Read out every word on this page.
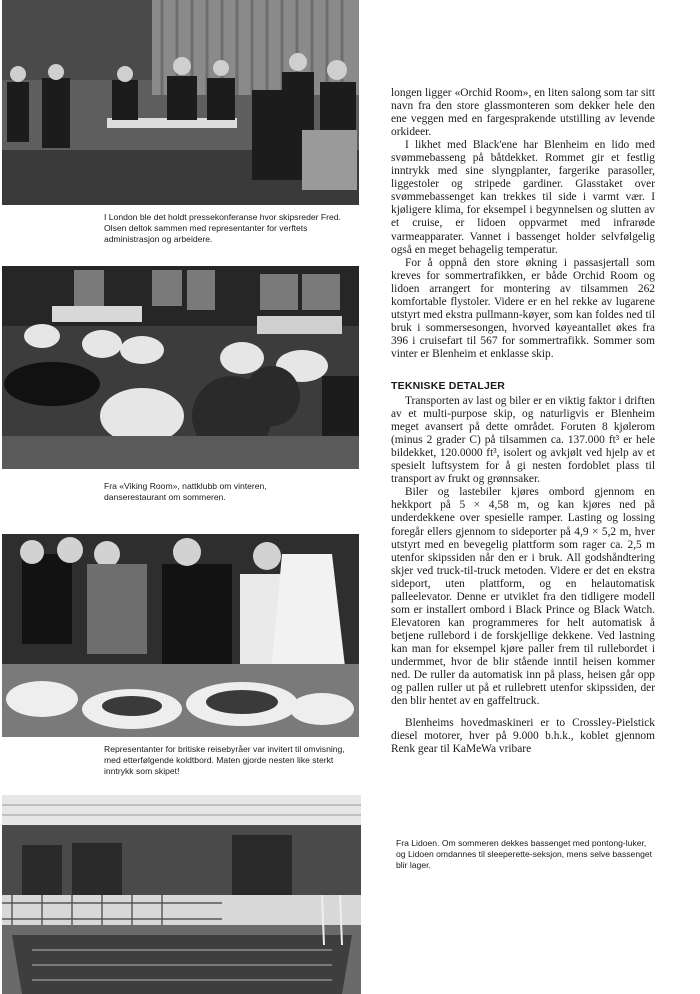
I London ble det holdt pressekonferanse hvor skipsreder Fred. Olsen deltok sammen med representanter for verftets administrasjon og arbeidere.

Fra «Viking Room», nattklubb om vinteren, danserestaurant om sommeren.

Representanter for britiske reisebyråer var invitert til omvisning, med etterfølgende koldtbord. Maten gjorde nesten like sterkt inntrykk som skipet!

longen ligger «Orchid Room», en liten salong som tar sitt navn fra den store glassmonteren som dekker hele den ene veggen med en fargesprakende utstilling av levende orkideer.

I likhet med Black'ene har Blenheim en lido med svømmebasseng på båtdekket. Rommet gir et festlig inntrykk med sine slyngplanter, fargerike parasoller, liggestoler og stripede gardiner. Glasstaket over svømmebassenget kan trekkes til side i varmt vær. I kjøligere klima, for eksempel i begynnelsen og slutten av et cruise, er lidoen oppvarmet med infrarøde varmeapparater. Vannet i bassenget holder selvfølgelig også en meget behagelig temperatur.

For å oppnå den store økning i passasjertall som kreves for sommertrafikken, er både Orchid Room og lidoen arrangert for montering av tilsammen 262 komfortable flystoler. Videre er en hel rekke av lugarene utstyrt med ekstra pullmann-køyer, som kan foldes ned til bruk i sommersesongen, hvorved køyeantallet økes fra 396 i cruisefart til 567 for sommertrafikk. Sommer som vinter er Blenheim et enklasse skip.

TEKNISKE DETALJER

Transporten av last og biler er en viktig faktor i driften av et multi-purpose skip, og naturligvis er Blenheim meget avansert på dette området. Foruten 8 kjølerom (minus 2 grader C) på tilsammen ca. 137.000 ft³ er hele bildekket, 120.0000 ft³, isolert og avkjølt ved hjelp av et spesielt luftsystem for å gi nesten fordoblet plass til transport av frukt og grønnsaker.

Biler og lastebiler kjøres ombord gjennom en hekkport på 5 × 4,58 m, og kan kjøres ned på underdekkene over spesielle ramper. Lasting og lossing foregår ellers gjennom to sideporter på 4,9 × 5,2 m, hver utstyrt med en bevegelig plattform som rager ca. 2,5 m utenfor skipssiden når den er i bruk. All godshåndtering skjer ved truck-til-truck metoden. Videre er det en ekstra sideport, uten plattform, og en helautomatisk palleelevator. Denne er utviklet fra den tidligere modell som er installert ombord i Black Prince og Black Watch. Elevatoren kan programmeres for helt automatisk å betjene rullebord i de forskjellige dekkene. Ved lastning kan man for eksempel kjøre paller frem til rullebordet i undermmet, hvor de blir stående inntil heisen kommer ned. De ruller da automatisk inn på plass, heisen går opp og pallen ruller ut på et rullebrett utenfor skipssiden, der den blir hentet av en gaffeltruck.

Blenheims hovedmaskineri er to Crossley-Pielstick diesel motorer, hver på 9.000 b.h.k., koblet gjennom Renk gear til KaMeWa vribare

Fra Lidoen. Om sommeren dekkes bassenget med pontong-luker, og Lidoen omdannes til sleeperette-seksjon, mens selve bassenget blir lager.
